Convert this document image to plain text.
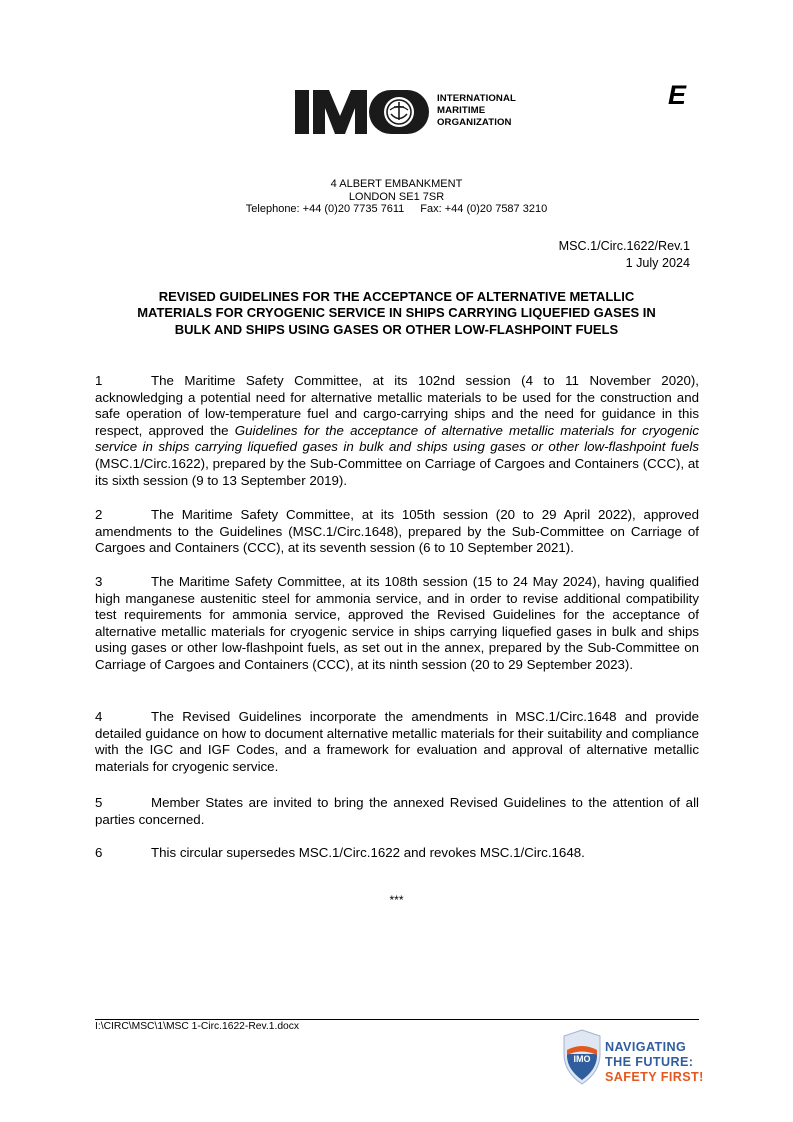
INTERNATIONAL
MARITIME
ORGANIZATION
E
4 ALBERT EMBANKMENT
LONDON SE1 7SR
Telephone: +44 (0)20 7735 7611 Fax: +44 (0)20 7587 3210
MSC.1/Circ.1622/Rev.1
1 July 2024
REVISED GUIDELINES FOR THE ACCEPTANCE OF ALTERNATIVE METALLIC
MATERIALS FOR CRYOGENIC SERVICE IN SHIPS CARRYING LIQUEFIED GASES IN
BULK AND SHIPS USING GASES OR OTHER LOW-FLASHPOINT FUELS

1	The Maritime Safety Committee, at its 102nd session (4 to 11 November 2020), acknowledging a potential need for alternative metallic materials to be used for the construction and safe operation of low-temperature fuel and cargo-carrying ships and the need for guidance in this respect, approved the Guidelines for the acceptance of alternative metallic materials for cryogenic service in ships carrying liquefied gases in bulk and ships using gases or other low-flashpoint fuels (MSC.1/Circ.1622), prepared by the Sub-Committee on Carriage of Cargoes and Containers (CCC), at its sixth session (9 to 13 September 2019).

2	The Maritime Safety Committee, at its 105th session (20 to 29 April 2022), approved amendments to the Guidelines (MSC.1/Circ.1648), prepared by the Sub-Committee on Carriage of Cargoes and Containers (CCC), at its seventh session (6 to 10 September 2021).

3	The Maritime Safety Committee, at its 108th session (15 to 24 May 2024), having qualified high manganese austenitic steel for ammonia service, and in order to revise additional compatibility test requirements for ammonia service, approved the Revised Guidelines for the acceptance of alternative metallic materials for cryogenic service in ships carrying liquefied gases in bulk and ships using gases or other low-flashpoint fuels, as set out in the annex, prepared by the Sub-Committee on Carriage of Cargoes and Containers (CCC), at its ninth session (20 to 29 September 2023).

4	The Revised Guidelines incorporate the amendments in MSC.1/Circ.1648 and provide detailed guidance on how to document alternative metallic materials for their suitability and compliance with the IGC and IGF Codes, and a framework for evaluation and approval of alternative metallic materials for cryogenic service.

5	Member States are invited to bring the annexed Revised Guidelines to the attention of all parties concerned.

6	This circular supersedes MSC.1/Circ.1622 and revokes MSC.1/Circ.1648.

***
I:\CIRC\MSC\1\MSC 1-Circ.1622-Rev.1.docx
IMO
NAVIGATING
THE FUTURE:
SAFETY FIRST!
